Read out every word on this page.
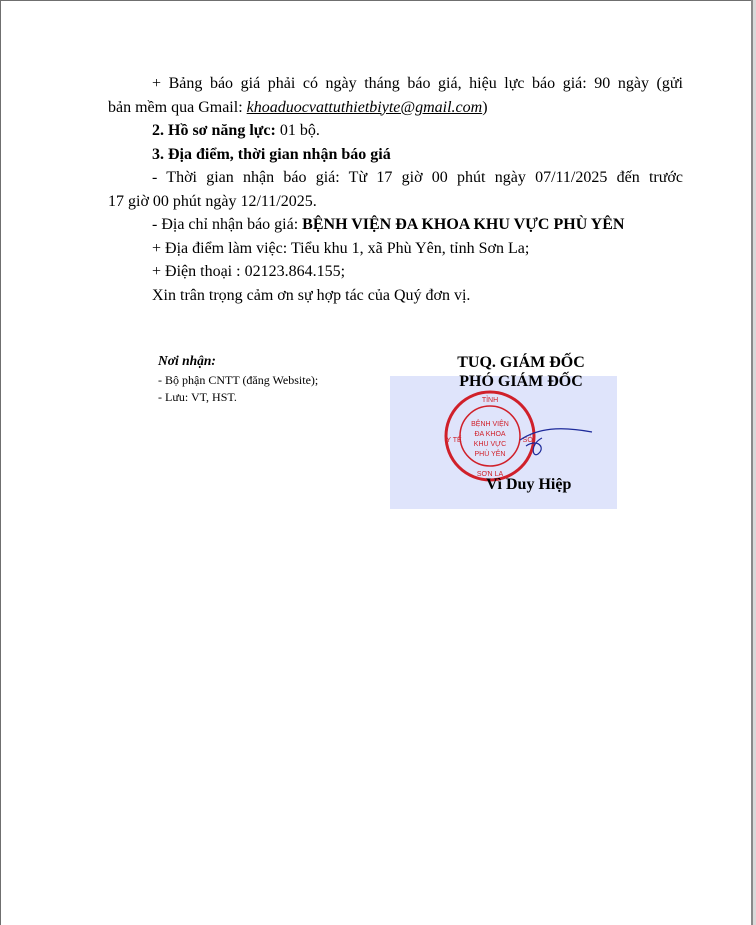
+ Bảng báo giá phải có ngày tháng báo giá, hiệu lực báo giá: 90 ngày (gửi
bản mềm qua Gmail: khoaduocvattuthietbiyte@gmail.com)
2. Hồ sơ năng lực: 01 bộ.
3. Địa điểm, thời gian nhận báo giá
- Thời gian nhận báo giá: Từ 17 giờ 00 phút ngày 07/11/2025 đến trước
17 giờ 00 phút ngày 12/11/2025.
- Địa chỉ nhận báo giá: BỆNH VIỆN ĐA KHOA KHU VỰC PHÙ YÊN
+ Địa điểm làm việc: Tiểu khu 1, xã Phù Yên, tỉnh Sơn La;
+ Điện thoại : 02123.864.155;
Xin trân trọng cảm ơn sự hợp tác của Quý đơn vị.
Nơi nhận:
- Bộ phận CNTT (đăng Website);
- Lưu: VT, HST.
TUQ. GIÁM ĐỐC
PHÓ GIÁM ĐỐC
TỈNH
Y TẾ	SỞ
SƠN LA
BỆNH VIỆN
ĐA KHOA
KHU VỰC
PHÙ YÊN
Vì Duy Hiệp
